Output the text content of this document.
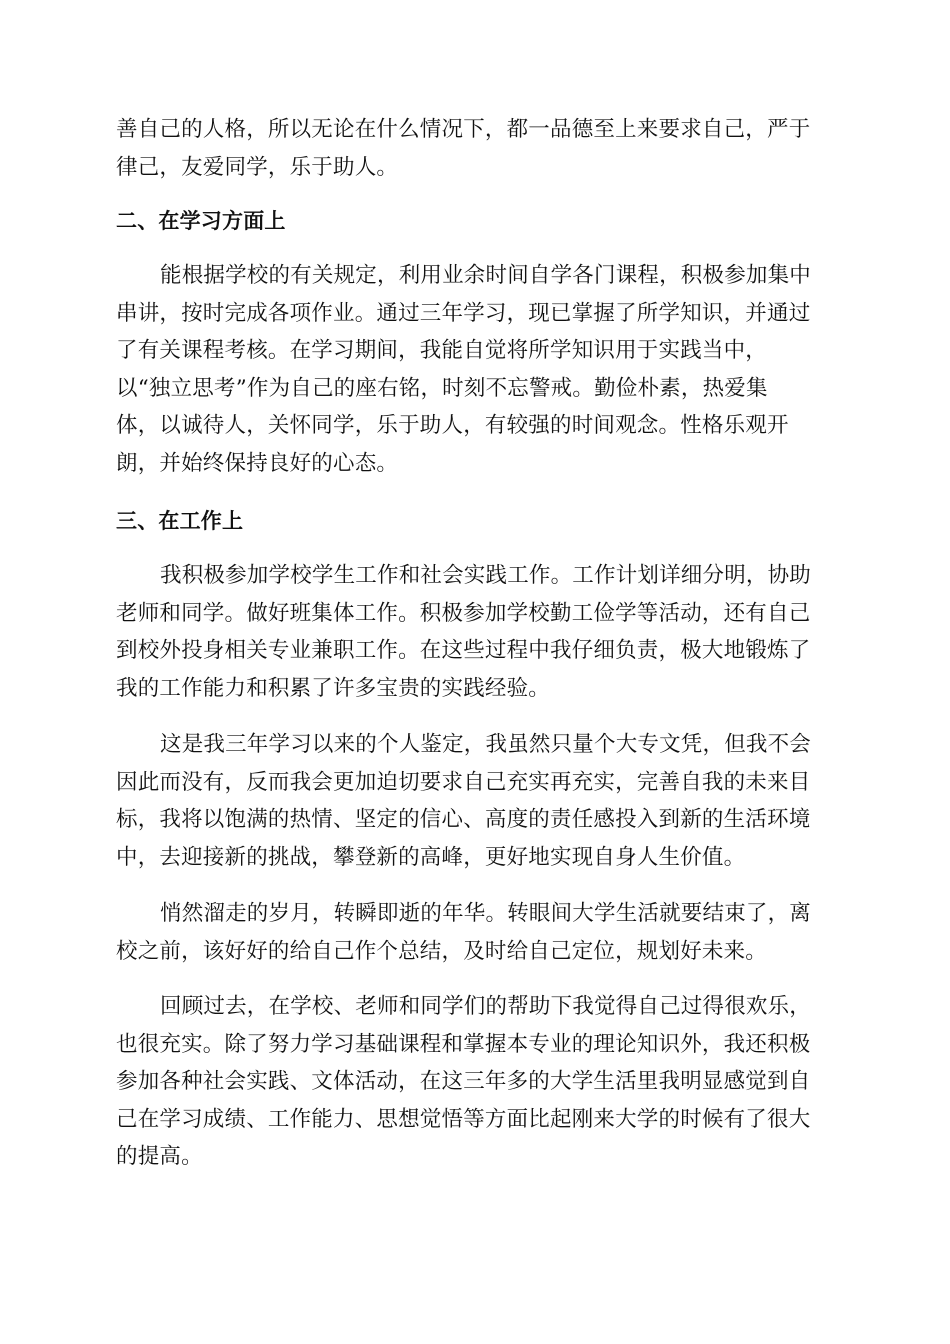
善自己的人格，所以无论在什么情况下，都一品德至上来要求自己，严于
律己，友爱同学，乐于助人。

二、在学习方面上

能根据学校的有关规定，利用业余时间自学各门课程，积极参加集中
串讲，按时完成各项作业。通过三年学习，现已掌握了所学知识，并通过
了有关课程考核。在学习期间，我能自觉将所学知识用于实践当中，
以“独立思考”作为自己的座右铭，时刻不忘警戒。勤俭朴素，热爱集
体，以诚待人，关怀同学，乐于助人，有较强的时间观念。性格乐观开
朗，并始终保持良好的心态。

三、在工作上

我积极参加学校学生工作和社会实践工作。工作计划详细分明，协助
老师和同学。做好班集体工作。积极参加学校勤工俭学等活动，还有自己
到校外投身相关专业兼职工作。在这些过程中我仔细负责，极大地锻炼了
我的工作能力和积累了许多宝贵的实践经验。

这是我三年学习以来的个人鉴定，我虽然只量个大专文凭，但我不会
因此而没有，反而我会更加迫切要求自己充实再充实，完善自我的未来目
标，我将以饱满的热情、坚定的信心、高度的责任感投入到新的生活环境
中，去迎接新的挑战，攀登新的高峰，更好地实现自身人生价值。

悄然溜走的岁月，转瞬即逝的年华。转眼间大学生活就要结束了，离
校之前，该好好的给自己作个总结，及时给自己定位，规划好未来。

回顾过去，在学校、老师和同学们的帮助下我觉得自己过得很欢乐，
也很充实。除了努力学习基础课程和掌握本专业的理论知识外，我还积极
参加各种社会实践、文体活动，在这三年多的大学生活里我明显感觉到自
己在学习成绩、工作能力、思想觉悟等方面比起刚来大学的时候有了很大
的提高。
